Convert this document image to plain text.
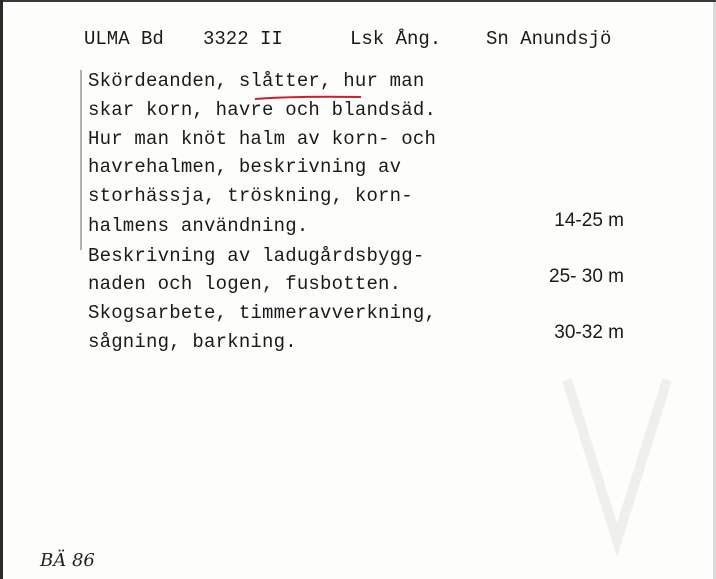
ULMA Bd 3322 II	Lsk Ång. Sn Anundsjö
Skördeanden, slåtter, hur man
skar korn, havre och blandsäd.
Hur man knöt halm av korn- och
havrehalmen, beskrivning av
storhässja, tröskning, korn-
halmens användning.
Beskrivning av ladugårdsbygg-
naden och logen, fusbotten.
Skogsarbete, timmeravverkning,
sågning, barkning.
14-25 m
25- 30 m
30-32 m
BÄ 86
